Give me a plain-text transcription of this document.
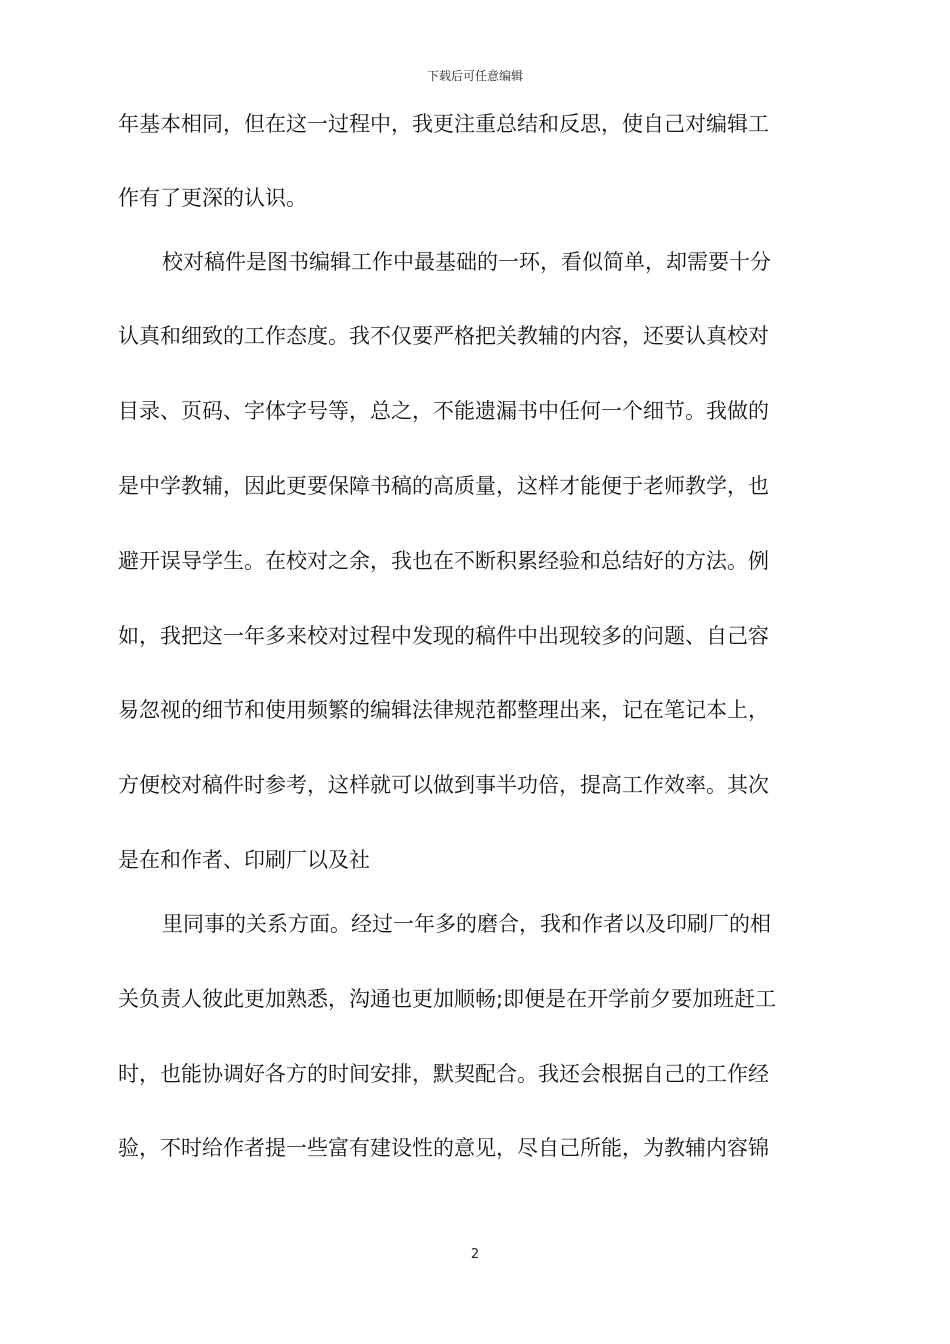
下载后可任意编辑
年基本相同，但在这一过程中，我更注重总结和反思，使自己对编辑工
作有了更深的认识。
校对稿件是图书编辑工作中最基础的一环，看似简单，却需要十分
认真和细致的工作态度。我不仅要严格把关教辅的内容，还要认真校对
目录、页码、字体字号等，总之，不能遗漏书中任何一个细节。我做的
是中学教辅，因此更要保障书稿的高质量，这样才能便于老师教学，也
避开误导学生。在校对之余，我也在不断积累经验和总结好的方法。例
如，我把这一年多来校对过程中发现的稿件中出现较多的问题、自己容
易忽视的细节和使用频繁的编辑法律规范都整理出来，记在笔记本上，
方便校对稿件时参考，这样就可以做到事半功倍，提高工作效率。其次
是在和作者、印刷厂以及社
里同事的关系方面。经过一年多的磨合，我和作者以及印刷厂的相
关负责人彼此更加熟悉，沟通也更加顺畅;即便是在开学前夕要加班赶工
时，也能协调好各方的时间安排，默契配合。我还会根据自己的工作经
验，不时给作者提一些富有建设性的意见，尽自己所能，为教辅内容锦
2
